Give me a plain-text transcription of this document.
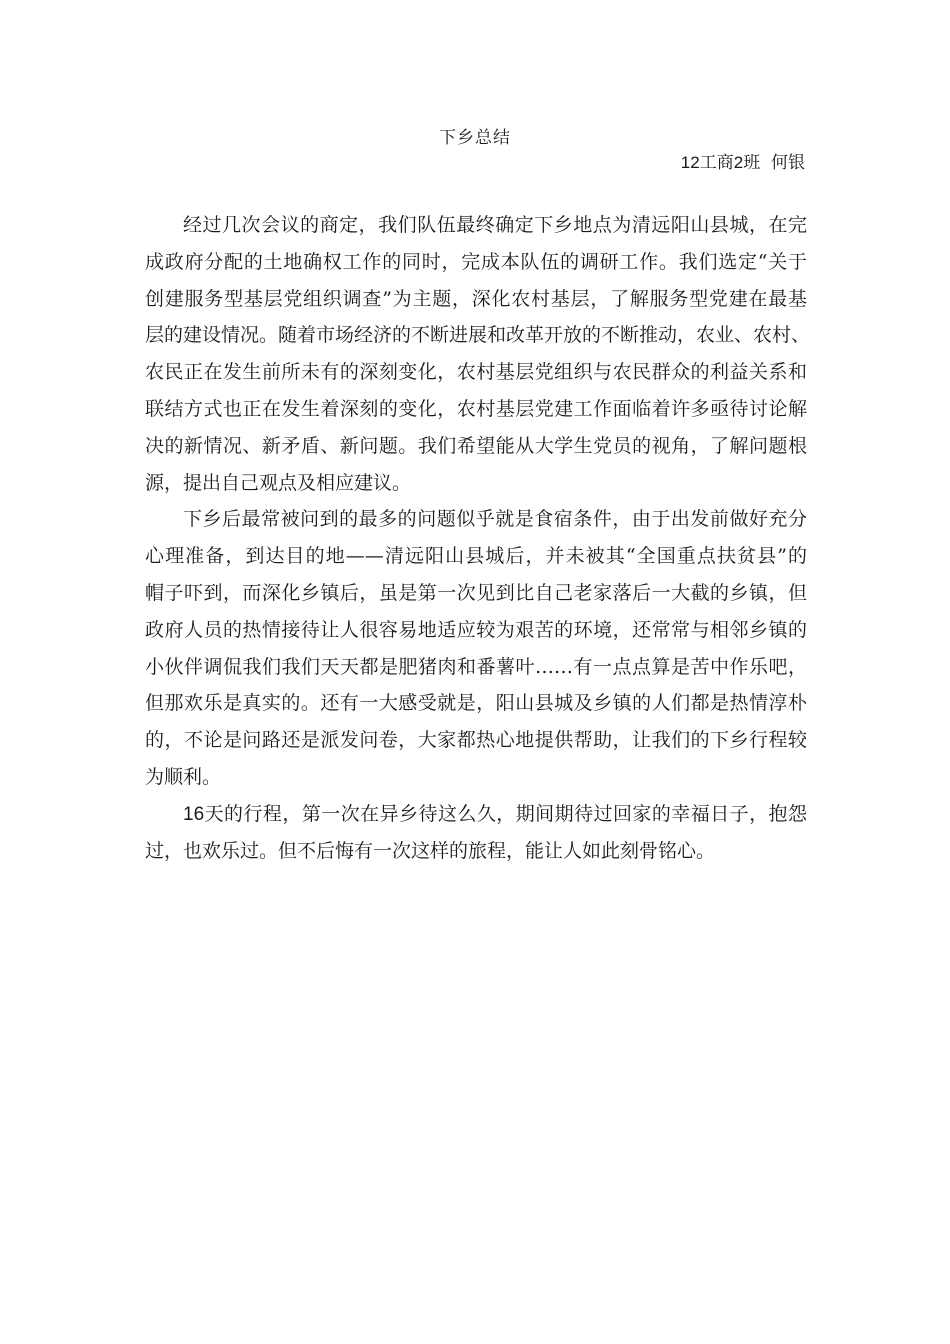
下乡总结
12工商2班 何银
经过几次会议的商定，我们队伍最终确定下乡地点为清远阳山县城，在完
成政府分配的土地确权工作的同时，完成本队伍的调研工作。我们选定“关于
创建服务型基层党组织调查”为主题，深化农村基层，了解服务型党建在最基
层的建设情况。随着市场经济的不断进展和改革开放的不断推动，农业、农村、
农民正在发生前所未有的深刻变化，农村基层党组织与农民群众的利益关系和
联结方式也正在发生着深刻的变化，农村基层党建工作面临着许多亟待讨论解
决的新情况、新矛盾、新问题。我们希望能从大学生党员的视角，了解问题根
源，提出自己观点及相应建议。
下乡后最常被问到的最多的问题似乎就是食宿条件，由于出发前做好充分
心理准备，到达目的地——清远阳山县城后，并未被其“全国重点扶贫县”的
帽子吓到，而深化乡镇后，虽是第一次见到比自己老家落后一大截的乡镇，但
政府人员的热情接待让人很容易地适应较为艰苦的环境，还常常与相邻乡镇的
小伙伴调侃我们我们天天都是肥猪肉和番薯叶……有一点点算是苦中作乐吧，
但那欢乐是真实的。还有一大感受就是，阳山县城及乡镇的人们都是热情淳朴
的，不论是问路还是派发问卷，大家都热心地提供帮助，让我们的下乡行程较
为顺利。
16天的行程，第一次在异乡待这么久，期间期待过回家的幸福日子，抱怨
过，也欢乐过。但不后悔有一次这样的旅程，能让人如此刻骨铭心。
